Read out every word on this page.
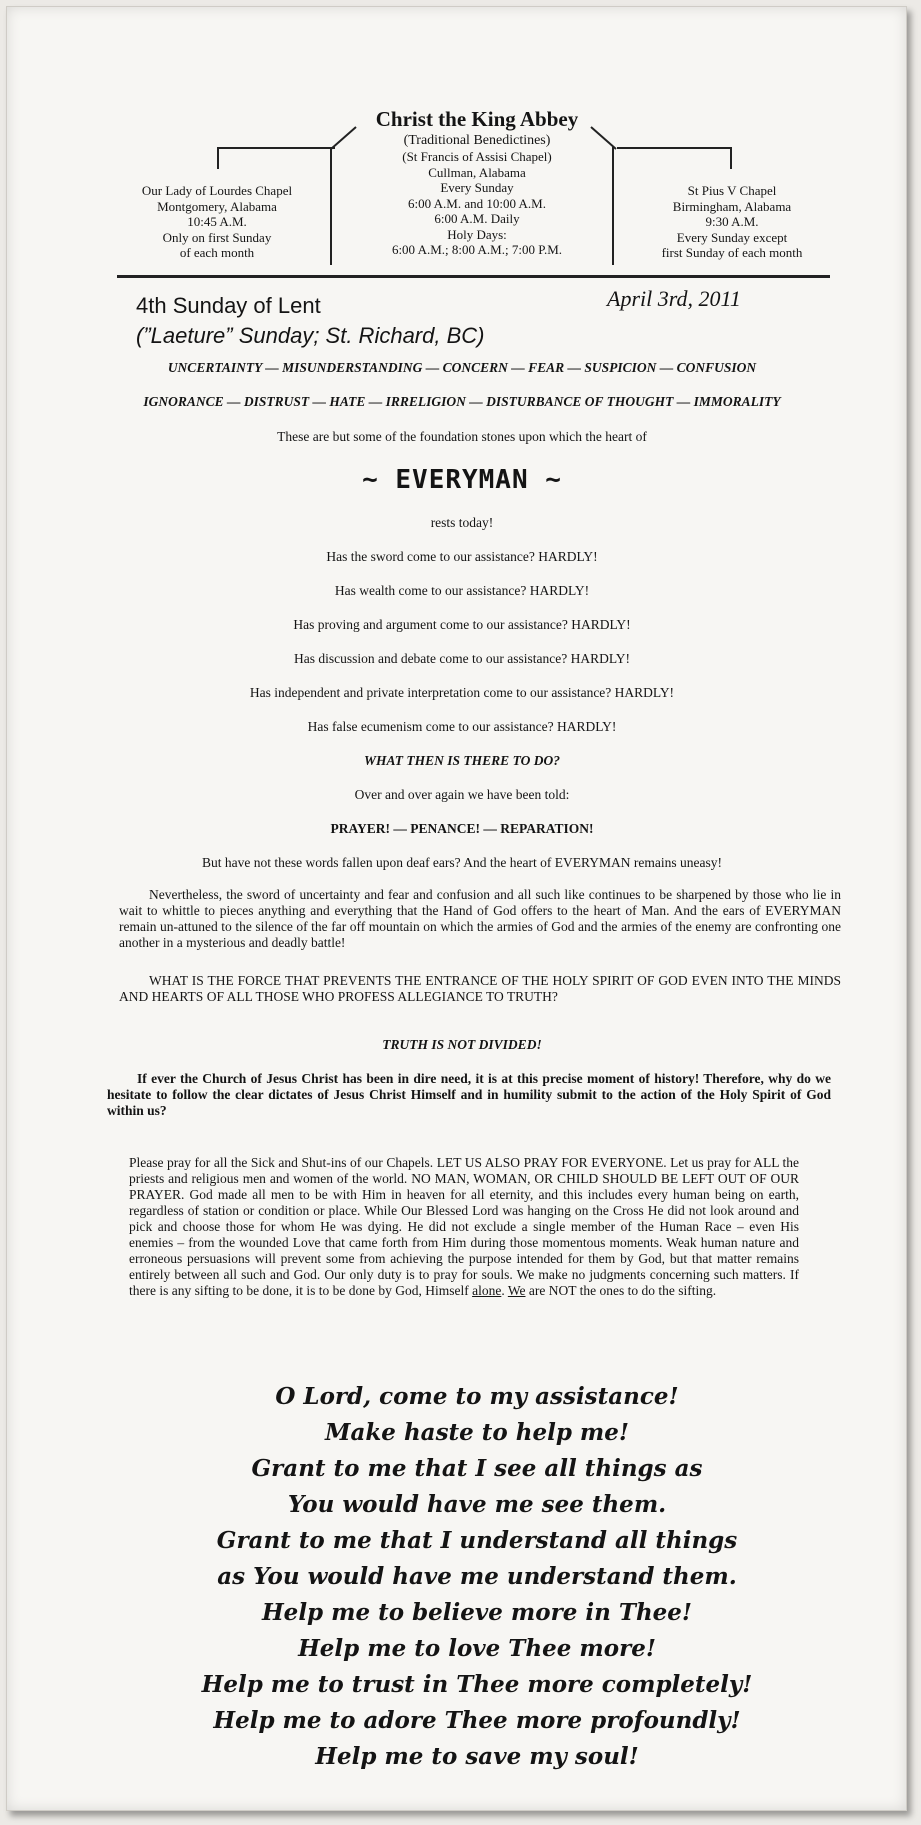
Christ the King Abbey
(Traditional Benedictines)
(St Francis of Assisi Chapel)
Cullman, Alabama
Every Sunday
6:00 A.M. and 10:00 A.M.
6:00 A.M. Daily
Holy Days:
6:00 A.M.; 8:00 A.M.; 7:00 P.M.
Our Lady of Lourdes Chapel
Montgomery, Alabama
10:45 A.M.
Only on first Sunday
of each month
St Pius V Chapel
Birmingham, Alabama
9:30 A.M.
Every Sunday except
first Sunday of each month
4th Sunday of Lent	April 3rd, 2011
(”Laeture” Sunday; St. Richard, BC)
UNCERTAINTY — MISUNDERSTANDING — CONCERN — FEAR — SUSPICION — CONFUSION
IGNORANCE — DISTRUST — HATE — IRRELIGION — DISTURBANCE OF THOUGHT — IMMORALITY
These are but some of the foundation stones upon which the heart of
~ EVERYMAN ~
rests today!
Has the sword come to our assistance? HARDLY!
Has wealth come to our assistance? HARDLY!
Has proving and argument come to our assistance? HARDLY!
Has discussion and debate come to our assistance? HARDLY!
Has independent and private interpretation come to our assistance? HARDLY!
Has false ecumenism come to our assistance? HARDLY!
WHAT THEN IS THERE TO DO?
Over and over again we have been told:
PRAYER! — PENANCE! — REPARATION!
But have not these words fallen upon deaf ears? And the heart of EVERYMAN remains uneasy!
Nevertheless, the sword of uncertainty and fear and confusion and all such like continues to be sharpened by those who lie in wait to whittle to pieces anything and everything that the Hand of God offers to the heart of Man. And the ears of EVERYMAN remain un-attuned to the silence of the far off mountain on which the armies of God and the armies of the enemy are confronting one another in a mysterious and deadly battle!
WHAT IS THE FORCE THAT PREVENTS THE ENTRANCE OF THE HOLY SPIRIT OF GOD EVEN INTO THE MINDS AND HEARTS OF ALL THOSE WHO PROFESS ALLEGIANCE TO TRUTH?
TRUTH IS NOT DIVIDED!
If ever the Church of Jesus Christ has been in dire need, it is at this precise moment of history! Therefore, why do we hesitate to follow the clear dictates of Jesus Christ Himself and in humility submit to the action of the Holy Spirit of God within us?
Please pray for all the Sick and Shut-ins of our Chapels. LET US ALSO PRAY FOR EVERYONE. Let us pray for ALL the priests and religious men and women of the world. NO MAN, WOMAN, OR CHILD SHOULD BE LEFT OUT OF OUR PRAYER. God made all men to be with Him in heaven for all eternity, and this includes every human being on earth, regardless of station or condition or place. While Our Blessed Lord was hanging on the Cross He did not look around and pick and choose those for whom He was dying. He did not exclude a single member of the Human Race – even His enemies – from the wounded Love that came forth from Him during those momentous moments. Weak human nature and erroneous persuasions will prevent some from achieving the purpose intended for them by God, but that matter remains entirely between all such and God. Our only duty is to pray for souls. We make no judgments concerning such matters. If there is any sifting to be done, it is to be done by God, Himself alone. We are NOT the ones to do the sifting.
O Lord, come to my assistance!
Make haste to help me!
Grant to me that I see all things as
You would have me see them.
Grant to me that I understand all things
as You would have me understand them.
Help me to believe more in Thee!
Help me to love Thee more!
Help me to trust in Thee more completely!
Help me to adore Thee more profoundly!
Help me to save my soul!
